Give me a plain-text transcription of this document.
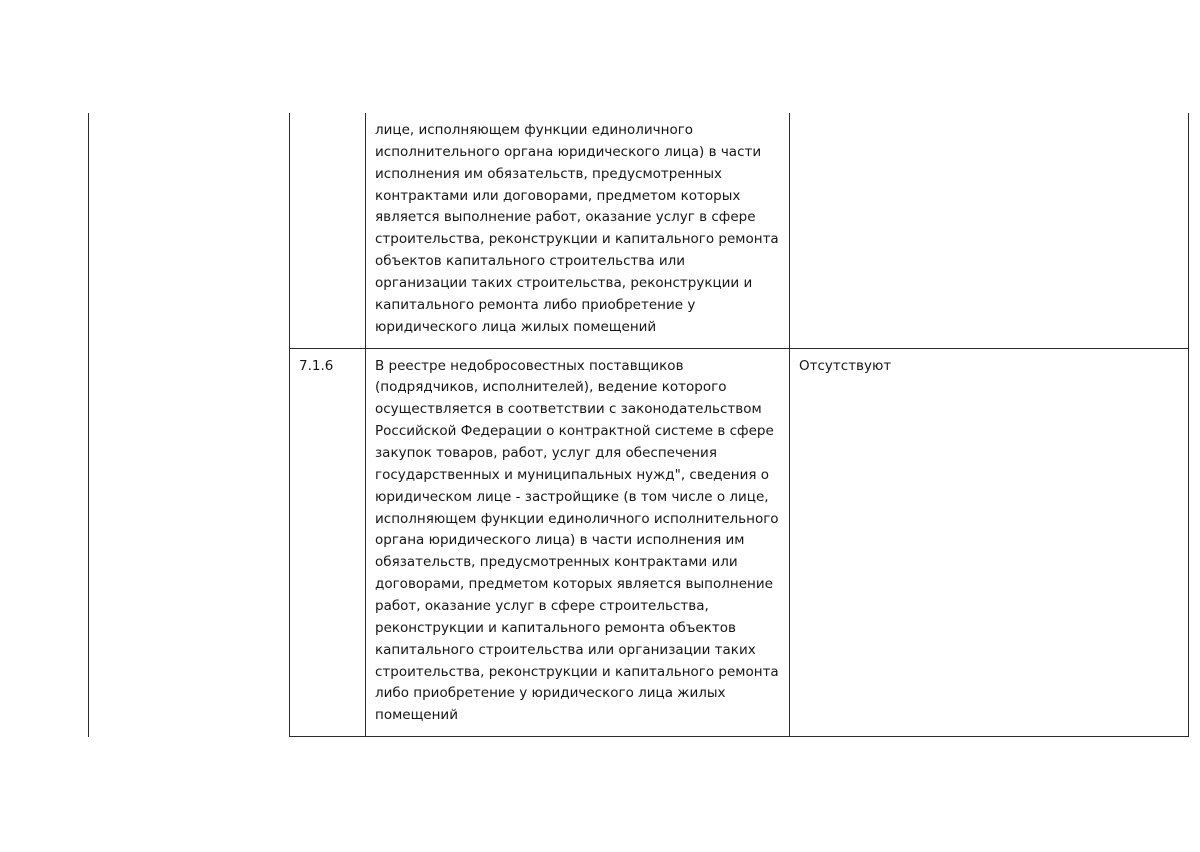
		лице, исполняющем функции единоличного исполнительного органа юридического лица) в части исполнения им обязательств, предусмотренных контрактами или договорами, предметом которых является выполнение работ, оказание услуг в сфере строительства, реконструкции и капитального ремонта объектов капитального строительства или организации таких строительства, реконструкции и капитального ремонта либо приобретение у юридического лица жилых помещений	
	7.1.6	В реестре недобросовестных поставщиков (подрядчиков, исполнителей), ведение которого осуществляется в соответствии с законодательством Российской Федерации о контрактной системе в сфере закупок товаров, работ, услуг для обеспечения государственных и муниципальных нужд", сведения о юридическом лице - застройщике (в том числе о лице, исполняющем функции единоличного исполнительного органа юридического лица) в части исполнения им обязательств, предусмотренных контрактами или договорами, предметом которых является выполнение работ, оказание услуг в сфере строительства, реконструкции и капитального ремонта объектов капитального строительства или организации таких строительства, реконструкции и капитального ремонта либо приобретение у юридического лица жилых помещений	Отсутствуют
